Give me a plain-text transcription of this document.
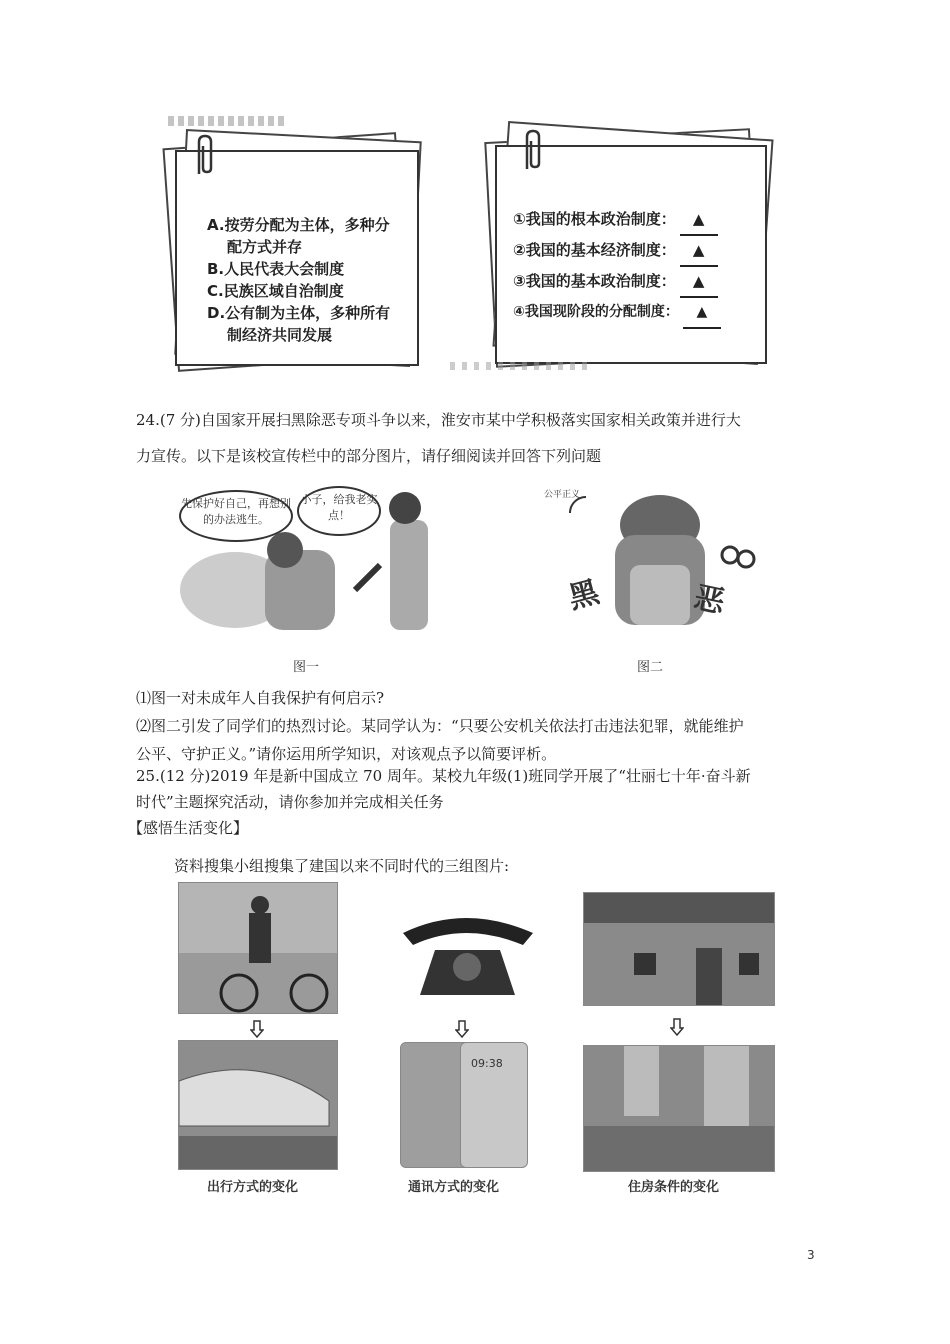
A.按劳分配为主体，多种分
配方式并存
B.人民代表大会制度
C.民族区域自治制度
D.公有制为主体，多种所有
制经济共同发展
①我国的根本政治制度： ▲
②我国的基本经济制度： ▲
③我国的基本政治制度： ▲
④我国现阶段的分配制度： ▲
24.(7 分)自国家开展扫黑除恶专项斗争以来，淮安市某中学积极落实国家相关政策并进行大
力宣传。以下是该校宣传栏中的部分图片，请仔细阅读并回答下列问题
先保护好自己，再想别的办法逃生。
小子，给我老实点！
图一
公平正义
黑	恶
图二
⑴图一对未成年人自我保护有何启示?
⑵图二引发了同学们的热烈讨论。某同学认为：“只要公安机关依法打击违法犯罪，就能维护
公平、守护正义。”请你运用所学知识，对该观点予以简要评析。
25.(12 分)2019 年是新中国成立 70 周年。某校九年级(1)班同学开展了“壮丽七十年·奋斗新
时代”主题探究活动，请你参加并完成相关任务
【感悟生活变化】
资料搜集小组搜集了建国以来不同时代的三组图片:
出行方式的变化
09:38
通讯方式的变化	住房条件的变化
3
